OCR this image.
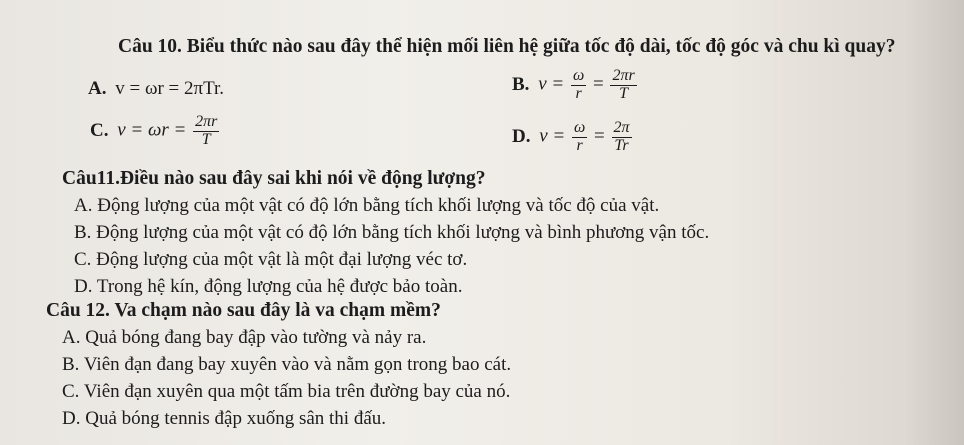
Câu 10. Biểu thức nào sau đây thể hiện mối liên hệ giữa tốc độ dài, tốc độ góc và chu kì quay?
A. v = ωr = 2πTr.	B. $v = \frac{\omega}{r} = \frac{2\pi r}{T}$
C. $v = \omega r = \frac{2\pi r}{T}$	D. $v = \frac{\omega}{r} = \frac{2\pi}{Tr}$
Câu11.Điều nào sau đây sai khi nói về động lượng?
A. Động lượng của một vật có độ lớn bằng tích khối lượng và tốc độ của vật.
B. Động lượng của một vật có độ lớn bằng tích khối lượng và bình phương vận tốc.
C. Động lượng của một vật là một đại lượng véc tơ.
D. Trong hệ kín, động lượng của hệ được bảo toàn.
Câu 12. Va chạm nào sau đây là va chạm mềm?
A. Quả bóng đang bay đập vào tường và nảy ra.
B. Viên đạn đang bay xuyên vào và nằm gọn trong bao cát.
C. Viên đạn xuyên qua một tấm bia trên đường bay của nó.
D. Quả bóng tennis đập xuống sân thi đấu.
